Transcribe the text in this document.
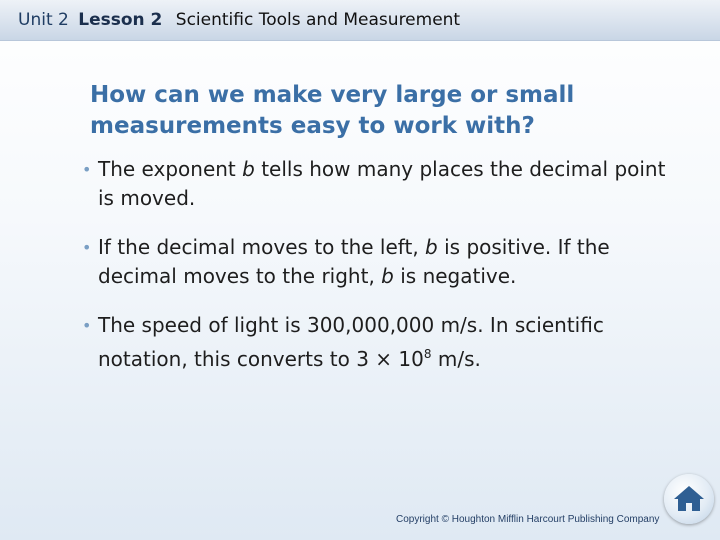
Unit 2 Lesson 2 Scientific Tools and Measurement
How can we make very large or small
measurements easy to work with?
• The exponent b tells how many places the decimal point is moved.
• If the decimal moves to the left, b is positive. If the decimal moves to the right, b is negative.
• The speed of light is 300,000,000 m/s. In scientific notation, this converts to $3 \times 10^8$ m/s.
Copyright © Houghton Mifflin Harcourt Publishing Company
